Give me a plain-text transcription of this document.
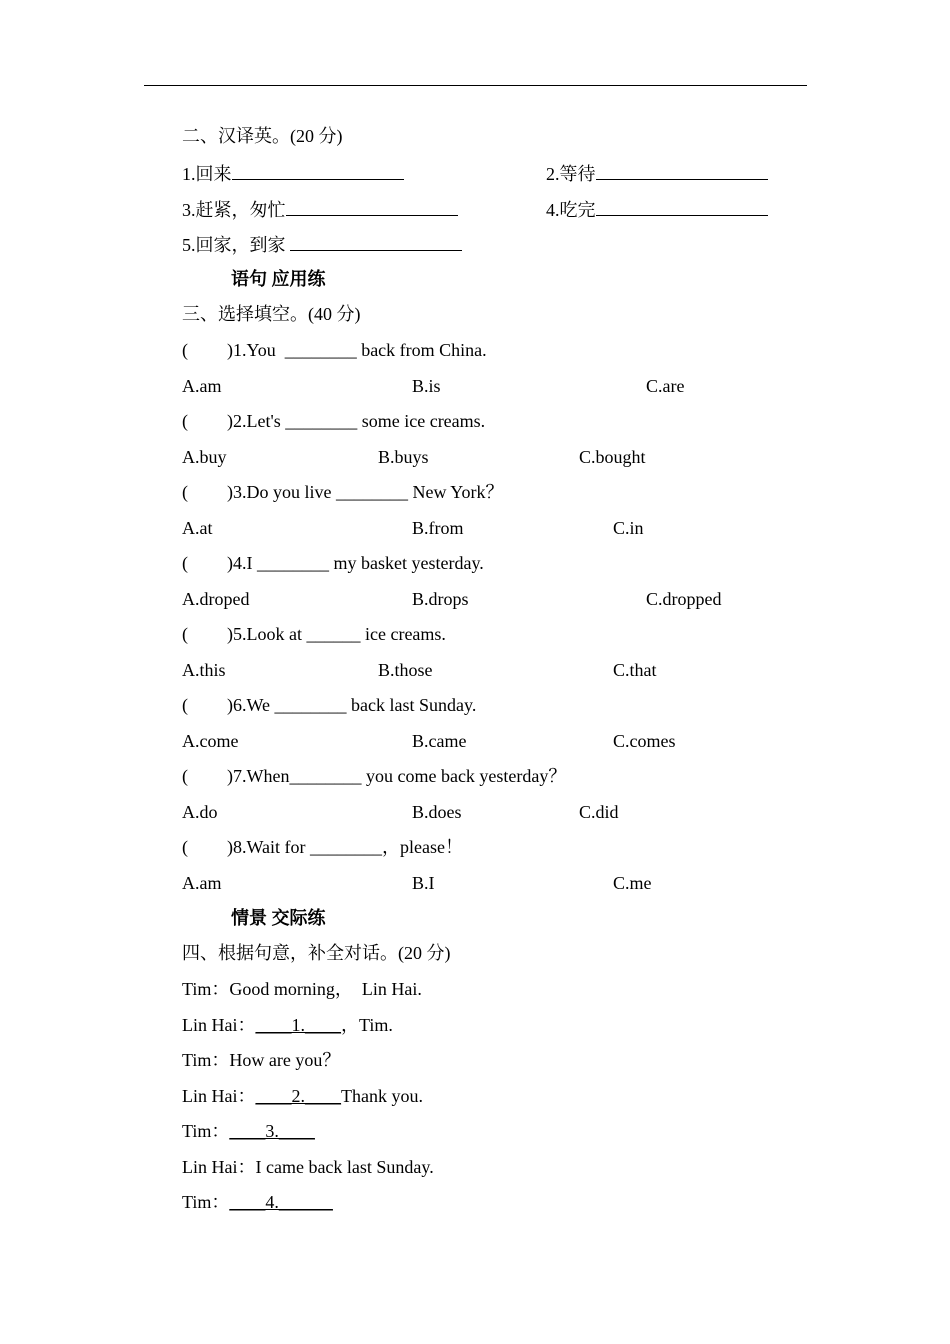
二、汉译英。(20 分)
1.回来	2.等待
3.赶紧，匆忙	4.吃完
5.回家，到家
语句 应用练
三、选择填空。(40 分)
( )1.You  ________ back from China.
A.am	B.is	C.are
( )2.Let's ________ some ice creams.
A.buy	B.buys	C.bought
( )3.Do you live ________ New York？
A.at	B.from	C.in
( )4.I ________ my basket yesterday.
A.droped	B.drops	C.dropped
( )5.Look at ______ ice creams.
A.this	B.those	C.that
( )6.We ________ back last Sunday.
A.come	B.came	C.comes
( )7.When________ you come back yesterday？
A.do	B.does	C.did
( )8.Wait for ________，please！
A.am	B.I	C.me
情景 交际练
四、根据句意，补全对话。(20 分)
Tim：Good morning，  Lin Hai.
Lin Hai：____1.____，Tim.
Tim：How are you？
Lin Hai：____2.____Thank you.
Tim：____3.____
Lin Hai：I came back last Sunday.
Tim：____4.______
